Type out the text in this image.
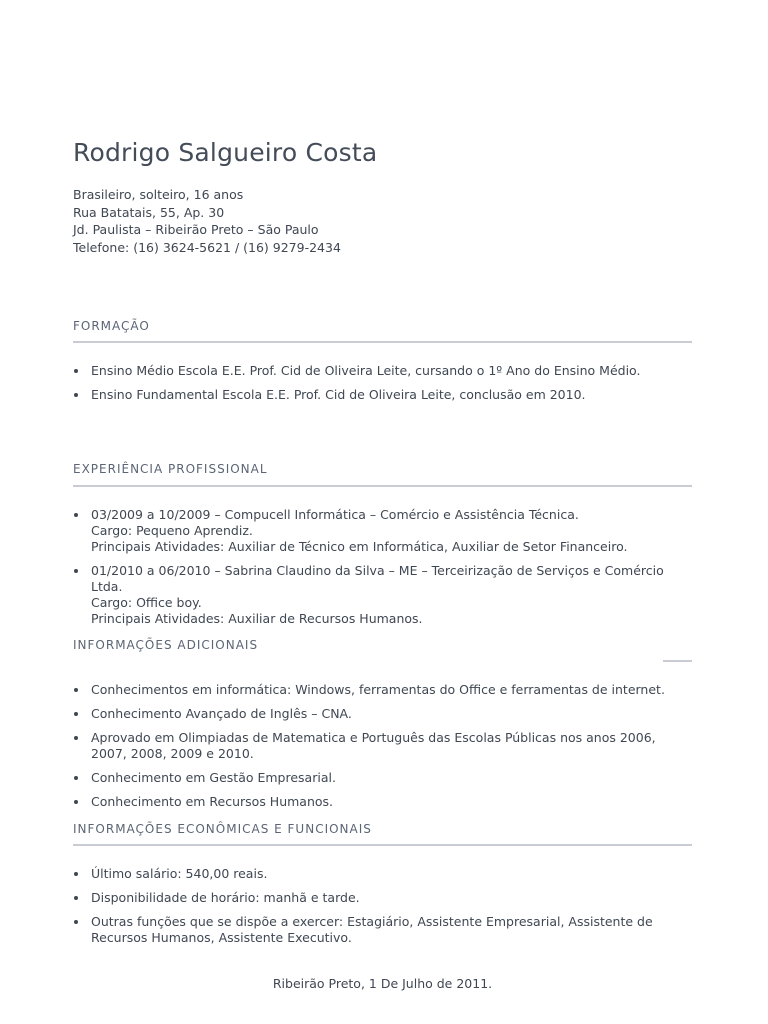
Rodrigo Salgueiro Costa
Brasileiro, solteiro, 16 anos
Rua Batatais, 55, Ap. 30
Jd. Paulista – Ribeirão Preto – São Paulo
Telefone: (16) 3624-5621 / (16) 9279-2434
FORMAÇÃO
Ensino Médio Escola E.E. Prof. Cid de Oliveira Leite, cursando o 1º Ano do Ensino Médio.
Ensino Fundamental Escola E.E. Prof. Cid de Oliveira Leite, conclusão em 2010.
EXPERIÊNCIA PROFISSIONAL
03/2009 a 10/2009 – Compucell Informática – Comércio e Assistência Técnica.
Cargo: Pequeno Aprendiz.
Principais Atividades: Auxiliar de Técnico em Informática, Auxiliar de Setor Financeiro.
01/2010 a 06/2010 – Sabrina Claudino da Silva – ME – Terceirização de Serviços e Comércio Ltda.
Cargo: Office boy.
Principais Atividades: Auxiliar de Recursos Humanos.
INFORMAÇÕES ADICIONAIS
Conhecimentos em informática: Windows, ferramentas do Office e ferramentas de internet.
Conhecimento Avançado de Inglês – CNA.
Aprovado em Olimpiadas de Matematica e Português das Escolas Públicas nos anos 2006, 2007, 2008, 2009 e 2010.
Conhecimento em Gestão Empresarial.
Conhecimento em Recursos Humanos.
INFORMAÇÕES ECONÔMICAS E FUNCIONAIS
Último salário: 540,00 reais.
Disponibilidade de horário: manhã e tarde.
Outras funções que se dispõe a exercer: Estagiário, Assistente Empresarial, Assistente de Recursos Humanos, Assistente Executivo.
Ribeirão Preto, 1 De Julho de 2011.
